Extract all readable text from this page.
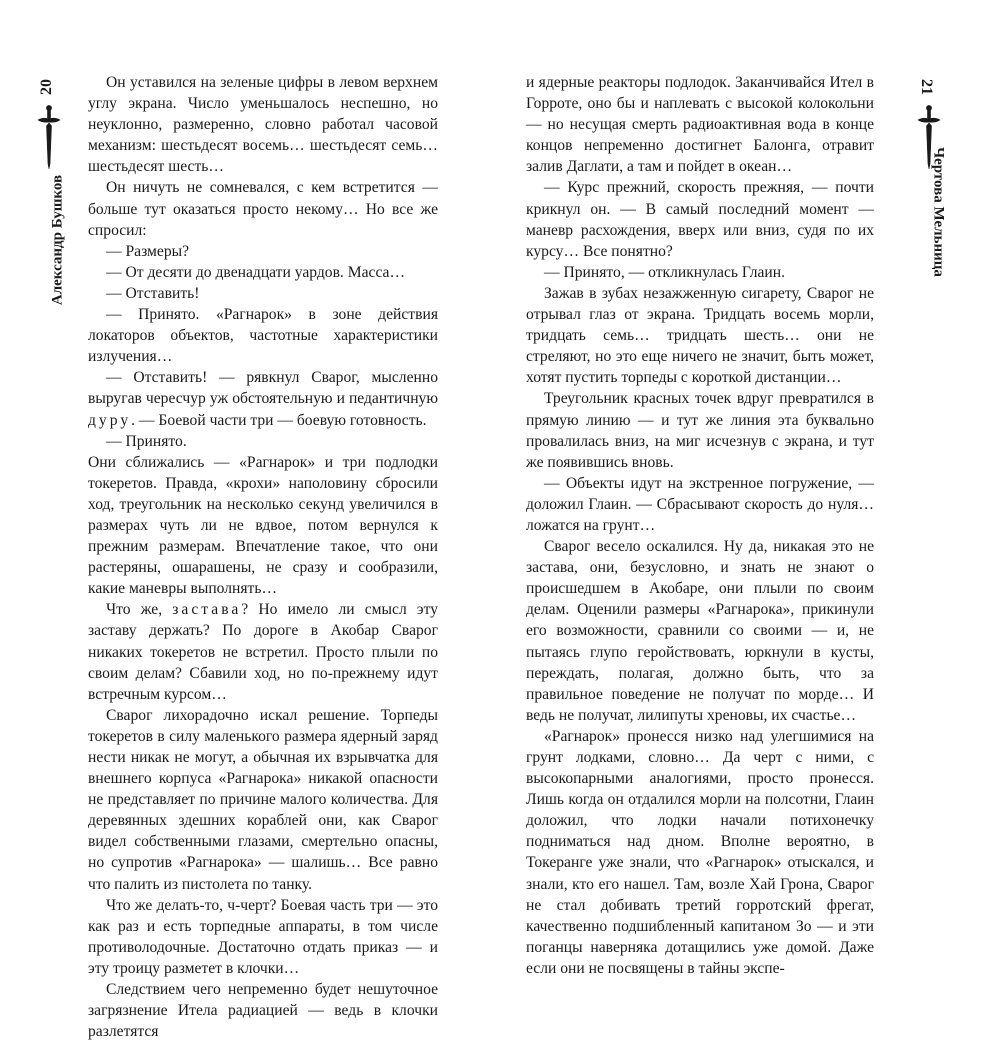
20
Александр Бушков

Он уставился на зеленые цифры в левом верхнем углу экрана. Число уменьшалось неспешно, но неуклонно, размеренно, словно работал часовой механизм: шестьдесят восемь… шестьдесят семь… шестьдесят шесть…

Он ничуть не сомневался, с кем встретится — больше тут оказаться просто некому… Но все же спросил:

— Размеры?

— От десяти до двенадцати уардов. Масса…

— Отставить!

— Принято. «Рагнарок» в зоне действия локаторов объектов, частотные характеристики излучения…

— Отставить! — рявкнул Сварог, мысленно выругав чересчур уж обстоятельную и педантичную дуру. — Боевой части три — боевую готовность.

— Принято.

Они сближались — «Рагнарок» и три подлодки токеретов. Правда, «крохи» наполовину сбросили ход, треугольник на несколько секунд увеличился в размерах чуть ли не вдвое, потом вернулся к прежним размерам. Впечатление такое, что они растеряны, ошарашены, не сразу и сообразили, какие маневры выполнять…

Что же, застава? Но имело ли смысл эту заставу держать? По дороге в Акобар Сварог никаких токеретов не встретил. Просто плыли по своим делам? Сбавили ход, но по-прежнему идут встречным курсом…

Сварог лихорадочно искал решение. Торпеды токеретов в силу маленького размера ядерный заряд нести никак не могут, а обычная их взрывчатка для внешнего корпуса «Рагнарока» никакой опасности не представляет по причине малого количества. Для деревянных здешних кораблей они, как Сварог видел собственными глазами, смертельно опасны, но супротив «Рагнарока» — шалишь… Все равно что палить из пистолета по танку.

Что же делать-то, ч-черт? Боевая часть три — это как раз и есть торпедные аппараты, в том числе противолодочные. Достаточно отдать приказ — и эту троицу разметет в клочки…

Следствием чего непременно будет нешуточное загрязнение Итела радиацией — ведь в клочки разлетятся

и ядерные реакторы подлодок. Заканчивайся Ител в Горроте, оно бы и наплевать с высокой колокольни — но несущая смерть радиоактивная вода в конце концов непременно достигнет Балонга, отравит залив Даглати, а там и пойдет в океан…

— Курс прежний, скорость прежняя, — почти крикнул он. — В самый последний момент — маневр расхождения, вверх или вниз, судя по их курсу… Все понятно?

— Принято, — откликнулась Глаин.

Зажав в зубах незажженную сигарету, Сварог не отрывал глаз от экрана. Тридцать восемь морли, тридцать семь… тридцать шесть… они не стреляют, но это еще ничего не значит, быть может, хотят пустить торпеды с короткой дистанции…

Треугольник красных точек вдруг превратился в прямую линию — и тут же линия эта буквально провалилась вниз, на миг исчезнув с экрана, и тут же появившись вновь.

— Объекты идут на экстренное погружение, — доложил Глаин. — Сбрасывают скорость до нуля… ложатся на грунт…

Сварог весело оскалился. Ну да, никакая это не застава, они, безусловно, и знать не знают о происшедшем в Акобаре, они плыли по своим делам. Оценили размеры «Рагнарока», прикинули его возможности, сравнили со своими — и, не пытаясь глупо геройствовать, юркнули в кусты, переждать, полагая, должно быть, что за правильное поведение не получат по морде… И ведь не получат, лилипуты хреновы, их счастье…

«Рагнарок» пронесся низко над улегшимися на грунт лодками, словно… Да черт с ними, с высокопарными аналогиями, просто пронесся. Лишь когда он отдалился морли на полсотни, Глаин доложил, что лодки начали потихонечку подниматься над дном. Вполне вероятно, в Токеранге уже знали, что «Рагнарок» отыскался, и знали, кто его нашел. Там, возле Хай Грона, Сварог не стал добивать третий горротский фрегат, качественно подшибленный капитаном Зо — и эти поганцы наверняка дотащились уже домой. Даже если они не посвящены в тайны экспе-

21
Чертова Мельница
